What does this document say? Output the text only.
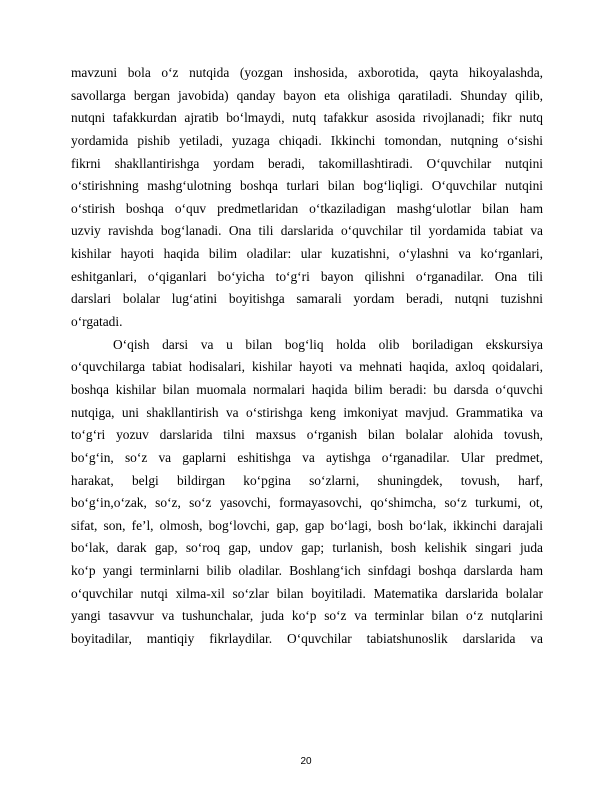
mavzuni bola o‘z nutqida (yozgan inshosida, axborotida, qayta hikoyalashda,
savollarga bergan javobida) qanday bayon eta olishiga qaratiladi. Shunday qilib,
nutqni tafakkurdan ajratib bo‘lmaydi, nutq tafakkur asosida rivojlanadi; fikr nutq
yordamida pishib yetiladi, yuzaga chiqadi. Ikkinchi tomondan, nutqning o‘sishi
fikrni shakllantirishga yordam beradi, takomillashtiradi. O‘quvchilar nutqini
o‘stirishning mashg‘ulotning boshqa turlari bilan bog‘liqligi. O‘quvchilar nutqini
o‘stirish boshqa o‘quv predmetlaridan o‘tkaziladigan mashg‘ulotlar bilan ham
uzviy ravishda bog‘lanadi. Ona tili darslarida o‘quvchilar til yordamida tabiat va
kishilar hayoti haqida bilim oladilar: ular kuzatishni, o‘ylashni va ko‘rganlari,
eshitganlari, o‘qiganlari bo‘yicha to‘g‘ri bayon qilishni o‘rganadilar. Ona tili
darslari bolalar lug‘atini boyitishga samarali yordam beradi, nutqni tuzishni
o‘rgatadi.
O‘qish darsi va u bilan bog‘liq holda olib boriladigan ekskursiya
o‘quvchilarga tabiat hodisalari, kishilar hayoti va mehnati haqida, axloq qoidalari,
boshqa kishilar bilan muomala normalari haqida bilim beradi: bu darsda o‘quvchi
nutqiga, uni shakllantirish va o‘stirishga keng imkoniyat mavjud. Grammatika va
to‘g‘ri yozuv darslarida tilni maxsus o‘rganish bilan bolalar alohida tovush,
bo‘g‘in, so‘z va gaplarni eshitishga va aytishga o‘rganadilar. Ular predmet,
harakat, belgi bildirgan ko‘pgina so‘zlarni, shuningdek, tovush, harf,
bo‘g‘in,o‘zak, so‘z, so‘z yasovchi, formayasovchi, qo‘shimcha, so‘z turkumi, ot,
sifat, son, fe’l, olmosh, bog‘lovchi, gap, gap bo‘lagi, bosh bo‘lak, ikkinchi darajali
bo‘lak, darak gap, so‘roq gap, undov gap; turlanish, bosh kelishik singari juda
ko‘p yangi terminlarni bilib oladilar. Boshlang‘ich sinfdagi boshqa darslarda ham
o‘quvchilar nutqi xilma-xil so‘zlar bilan boyitiladi. Matematika darslarida bolalar
yangi tasavvur va tushunchalar, juda ko‘p so‘z va terminlar bilan o‘z nutqlarini
boyitadilar, mantiqiy fikrlaydilar. O‘quvchilar tabiatshunoslik darslarida va
20
